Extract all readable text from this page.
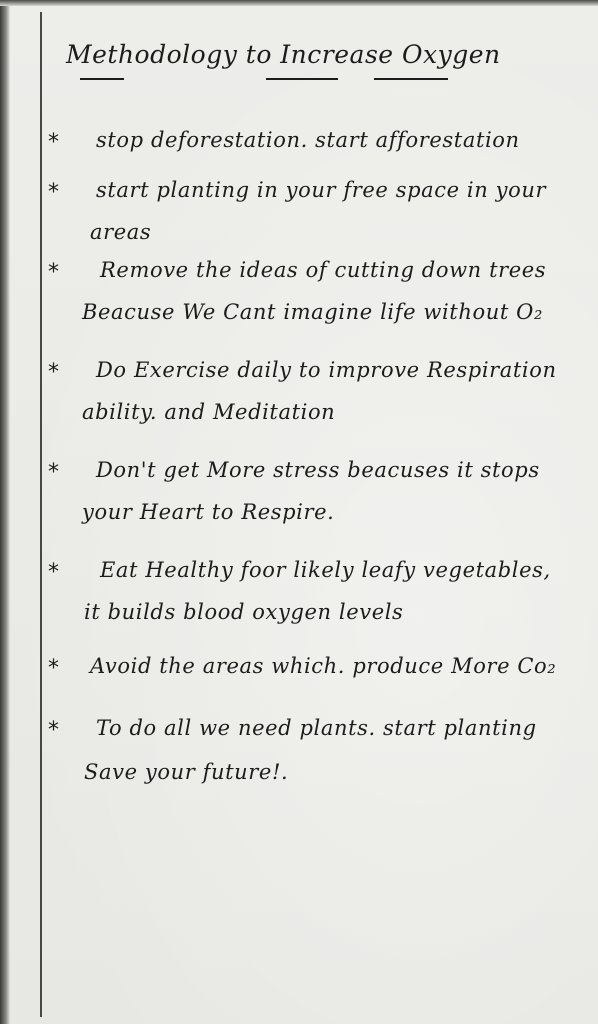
Methodology to Increase Oxygen
* stop deforestation. start afforestation
* start planting in your free space in your
areas
* Remove the ideas of cutting down trees
Beacuse We Cant imagine life without O₂
* Do Exercise daily to improve Respiration
ability. and Meditation
* Don't get More stress beacuses it stops
your Heart to Respire.
* Eat Healthy foor likely leafy vegetables,
it builds blood oxygen levels
* Avoid the areas which. produce More Co₂
* To do all we need plants. start planting
Save your future!.
